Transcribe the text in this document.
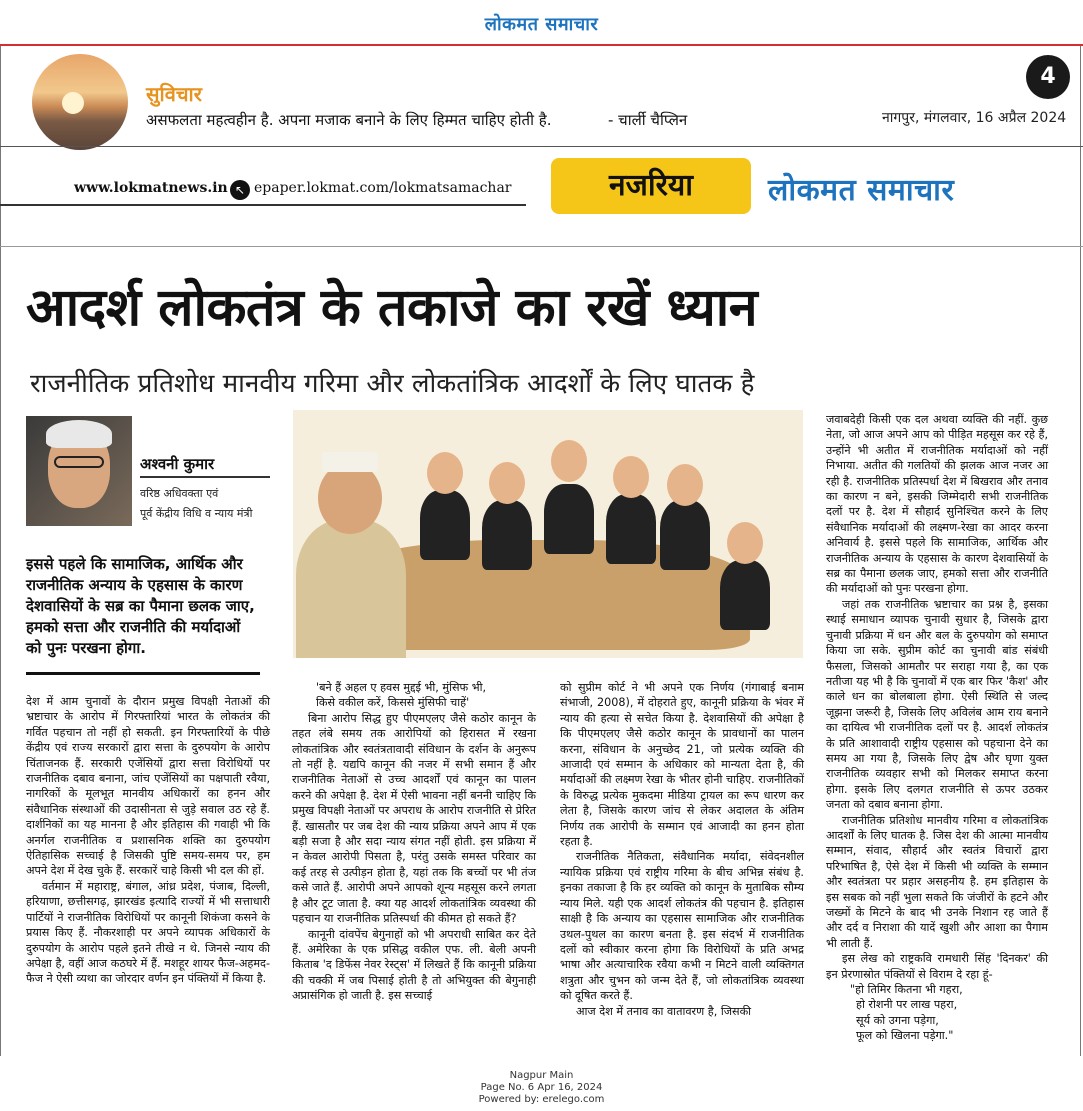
लोकमत समाचार
सुविचार
असफलता महत्वहीन है. अपना मजाक बनाने के लिए हिम्मत चाहिए होती है.	- चार्ली चैप्लिन
4
नागपुर, मंगलवार, 16 अप्रैल 2024
www.lokmatnews.in ↖ epaper.lokmat.com/lokmatsamachar	नजरिया	लोकमत समाचार
आदर्श लोकतंत्र के तकाजे का रखें ध्यान
राजनीतिक प्रतिशोध मानवीय गरिमा और लोकतांत्रिक आदर्शों के लिए घातक है
अश्वनी कुमार
वरिष्ठ अधिवक्ता एवं
पूर्व केंद्रीय विधि व न्याय मंत्री
इससे पहले कि सामाजिक, आर्थिक और राजनीतिक अन्याय के एहसास के कारण देशवासियों के सब्र का पैमाना छलक जाए, हमको सत्ता और राजनीति की मर्यादाओं को पुनः परखना होगा.

देश में आम चुनावों के दौरान प्रमुख विपक्षी नेताओं की भ्रष्टाचार के आरोप में गिरफ्तारियां भारत के लोकतंत्र की गर्वित पहचान तो नहीं हो सकती. इन गिरफ्तारियों के पीछे केंद्रीय एवं राज्य सरकारों द्वारा सत्ता के दुरुपयोग के आरोप चिंताजनक हैं. सरकारी एजेंसियों द्वारा सत्ता विरोधियों पर राजनीतिक दबाव बनाना, जांच एजेंसियों का पक्षपाती रवैया, नागरिकों के मूलभूत मानवीय अधिकारों का हनन और संवैधानिक संस्थाओं की उदासीनता से जुड़े सवाल उठ रहे हैं. दार्शनिकों का यह मानना है और इतिहास की गवाही भी कि अनर्गल राजनीतिक व प्रशासनिक शक्ति का दुरुपयोग ऐतिहासिक सच्चाई है जिसकी पुष्टि समय-समय पर, हम अपने देश में देख चुके हैं. सरकारें चाहे किसी भी दल की हों.

वर्तमान में महाराष्ट्र, बंगाल, आंध्र प्रदेश, पंजाब, दिल्ली, हरियाणा, छत्तीसगढ़, झारखंड इत्यादि राज्यों में भी सत्ताधारी पार्टियों ने राजनीतिक विरोधियों पर कानूनी शिकंजा कसने के प्रयास किए हैं. नौकरशाही पर अपने व्यापक अधिकारों के दुरुपयोग के आरोप पहले इतने तीखे न थे. जिनसे न्याय की अपेक्षा है, वहीं आज कठघरे में हैं. मशहूर शायर फैज-अहमद-फैज ने ऐसी व्यथा का जोरदार वर्णन इन पंक्तियों में किया है.

'बने हैं अहल ए हवस मुद्दई भी, मुंसिफ भी,
किसे वकील करें, किससे मुंसिफी चाहें'

बिना आरोप सिद्ध हुए पीएमएलए जैसे कठोर कानून के तहत लंबे समय तक आरोपियों को हिरासत में रखना लोकतांत्रिक और स्वतंत्रतावादी संविधान के दर्शन के अनुरूप तो नहीं है. यद्यपि कानून की नजर में सभी समान हैं और राजनीतिक नेताओं से उच्च आदर्शों एवं कानून का पालन करने की अपेक्षा है. देश में ऐसी भावना नहीं बननी चाहिए कि प्रमुख विपक्षी नेताओं पर अपराध के आरोप राजनीति से प्रेरित हैं. खासतौर पर जब देश की न्याय प्रक्रिया अपने आप में एक बड़ी सजा है और सदा न्याय संगत नहीं होती. इस प्रक्रिया में न केवल आरोपी पिसता है, परंतु उसके समस्त परिवार का कई तरह से उत्पीड़न होता है, यहां तक कि बच्चों पर भी तंज कसे जाते हैं. आरोपी अपने आपको शून्य महसूस करने लगता है और टूट जाता है. क्या यह आदर्श लोकतांत्रिक व्यवस्था की पहचान या राजनीतिक प्रतिस्पर्धा की कीमत हो सकते हैं?

कानूनी दांवपेंच बेगुनाहों को भी अपराधी साबित कर देते हैं. अमेरिका के एक प्रसिद्ध वकील एफ. ली. बेली अपनी किताब 'द डिफेंस नेवर रेस्ट्स' में लिखते हैं कि कानूनी प्रक्रिया की चक्की में जब पिसाई होती है तो अभियुक्त की बेगुनाही अप्रासंगिक हो जाती है. इस सच्चाई

को सुप्रीम कोर्ट ने भी अपने एक निर्णय (गंगाबाई बनाम संभाजी, 2008), में दोहराते हुए, कानूनी प्रक्रिया के भंवर में न्याय की हत्या से सचेत किया है. देशवासियों की अपेक्षा है कि पीएमएलए जैसे कठोर कानून के प्रावधानों का पालन करना, संविधान के अनुच्छेद 21, जो प्रत्येक व्यक्ति की आजादी एवं सम्मान के अधिकार को मान्यता देता है, की मर्यादाओं की लक्ष्मण रेखा के भीतर होनी चाहिए. राजनीतिकों के विरुद्ध प्रत्येक मुकदमा मीडिया ट्रायल का रूप धारण कर लेता है, जिसके कारण जांच से लेकर अदालत के अंतिम निर्णय तक आरोपी के सम्मान एवं आजादी का हनन होता रहता है.

राजनीतिक नैतिकता, संवैधानिक मर्यादा, संवेदनशील न्यायिक प्रक्रिया एवं राष्ट्रीय गरिमा के बीच अभिन्न संबंध है. इनका तकाजा है कि हर व्यक्ति को कानून के मुताबिक सौम्य न्याय मिले. यही एक आदर्श लोकतंत्र की पहचान है. इतिहास साक्षी है कि अन्याय का एहसास सामाजिक और राजनीतिक उथल-पुथल का कारण बनता है. इस संदर्भ में राजनीतिक दलों को स्वीकार करना होगा कि विरोधियों के प्रति अभद्र भाषा और अत्याचारिक रवैया कभी न मिटने वाली व्यक्तिगत शत्रुता और चुभन को जन्म देते हैं, जो लोकतांत्रिक व्यवस्था को दूषित करते हैं.

आज देश में तनाव का वातावरण है, जिसकी

जवाबदेही किसी एक दल अथवा व्यक्ति की नहीं. कुछ नेता, जो आज अपने आप को पीड़ित महसूस कर रहे हैं, उन्होंने भी अतीत में राजनीतिक मर्यादाओं को नहीं निभाया. अतीत की गलतियों की झलक आज नजर आ रही है. राजनीतिक प्रतिस्पर्धा देश में बिखराव और तनाव का कारण न बने, इसकी जिम्मेदारी सभी राजनीतिक दलों पर है. देश में सौहार्द सुनिश्चित करने के लिए संवैधानिक मर्यादाओं की लक्ष्मण-रेखा का आदर करना अनिवार्य है. इससे पहले कि सामाजिक, आर्थिक और राजनीतिक अन्याय के एहसास के कारण देशवासियों के सब्र का पैमाना छलक जाए, हमको सत्ता और राजनीति की मर्यादाओं को पुनः परखना होगा.

जहां तक राजनीतिक भ्रष्टाचार का प्रश्न है, इसका स्थाई समाधान व्यापक चुनावी सुधार है, जिसके द्वारा चुनावी प्रक्रिया में धन और बल के दुरुपयोग को समाप्त किया जा सके. सुप्रीम कोर्ट का चुनावी बांड संबंधी फैसला, जिसको आमतौर पर सराहा गया है, का एक नतीजा यह भी है कि चुनावों में एक बार फिर 'कैश' और काले धन का बोलबाला होगा. ऐसी स्थिति से जल्द जूझना जरूरी है, जिसके लिए अविलंब आम राय बनाने का दायित्व भी राजनीतिक दलों पर है. आदर्श लोकतंत्र के प्रति आशावादी राष्ट्रीय एहसास को पहचाना देने का समय आ गया है, जिसके लिए द्वेष और घृणा युक्त राजनीतिक व्यवहार सभी को मिलकर समाप्त करना होगा. इसके लिए दलगत राजनीति से ऊपर उठकर जनता को दबाव बनाना होगा.

राजनीतिक प्रतिशोध मानवीय गरिमा व लोकतांत्रिक आदर्शों के लिए घातक है. जिस देश की आत्मा मानवीय सम्मान, संवाद, सौहार्द और स्वतंत्र विचारों द्वारा परिभाषित है, ऐसे देश में किसी भी व्यक्ति के सम्मान और स्वतंत्रता पर प्रहार असहनीय है. हम इतिहास के इस सबक को नहीं भुला सकते कि जंजीरों के हटने और जख्मों के मिटने के बाद भी उनके निशान रह जाते हैं और दर्द व निराशा की यादें खुशी और आशा का पैगाम भी लाती हैं.

इस लेख को राष्ट्रकवि रामधारी सिंह 'दिनकर' की इन प्रेरणास्रोत पंक्तियों से विराम दे रहा हूं-

"हो तिमिर कितना भी गहरा,
हो रोशनी पर लाख पहरा,
सूर्य को उगना पड़ेगा,
फूल को खिलना पड़ेगा."
Nagpur Main
Page No. 6 Apr 16, 2024
Powered by: erelego.com
